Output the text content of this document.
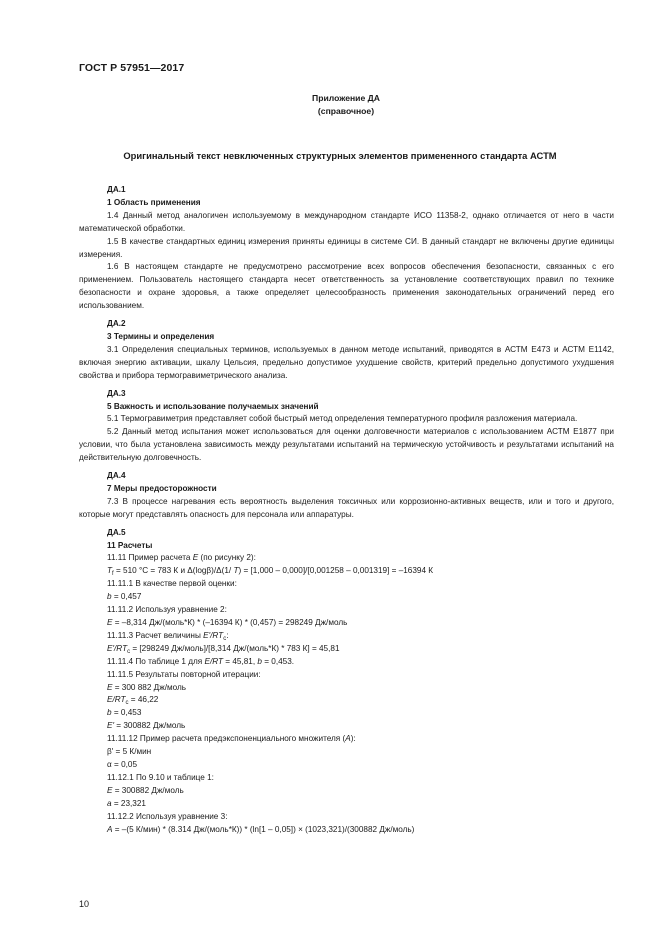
ГОСТ Р 57951—2017
Приложение ДА
(справочное)
Оригинальный текст невключенных структурных элементов примененного стандарта АСТМ

ДА.1

1 Область применения

1.4 Данный метод аналогичен используемому в международном стандарте ИСО 11358-2, однако отличается от него в части математической обработки.

1.5 В качестве стандартных единиц измерения приняты единицы в системе СИ. В данный стандарт не включены другие единицы измерения.

1.6 В настоящем стандарте не предусмотрено рассмотрение всех вопросов обеспечения безопасности, связанных с его применением. Пользователь настоящего стандарта несет ответственность за установление соответствующих правил по технике безопасности и охране здоровья, а также определяет целесообразность применения законодательных ограничений перед его использованием.

ДА.2

3 Термины и определения

3.1 Определения специальных терминов, используемых в данном методе испытаний, приводятся в АСТМ Е473 и АСТМ Е1142, включая энергию активации, шкалу Цельсия, предельно допустимое ухудшение свойств, критерий предельно допустимого ухудшения свойства и прибора термогравиметрического анализа.

ДА.3

5 Важность и использование получаемых значений

5.1 Термогравиметрия представляет собой быстрый метод определения температурного профиля разложения материала.

5.2 Данный метод испытания может использоваться для оценки долговечности материалов с использованием АСТМ Е1877 при условии, что была установлена зависимость между результатами испытаний на термическую устойчивость и результатами испытаний на действительную долговечность.

ДА.4

7 Меры предосторожности

7.3 В процессе нагревания есть вероятность выделения токсичных или коррозионно-активных веществ, или и того и другого, которые могут представлять опасность для персонала или аппаратуры.

ДА.5

11 Расчеты

11.11 Пример расчета E (по рисунку 2):

$T_f = 510$ °С = 783 К и Δ(logβ)/Δ(1/ T) = [1,000 – 0,000]/[0,001258 – 0,001319] = –16394 К

11.11.1 В качестве первой оценки:

b = 0,457

11.11.2 Используя уравнение 2:

E = –8,314 Дж/(моль*К) * (–16394 К) * (0,457) = 298249 Дж/моль

11.11.3 Расчет величины $E'/RT_c$:

$E'/RT_c = [298249$ Дж/моль]/[8,314 Дж/(моль*К) * 783 К] = 45,81

11.11.4 По таблице 1 для E/RT = 45,81, b = 0,453.

11.11.5 Результаты повторной итерации:

E = 300 882 Дж/моль

$E/RT_c = 46,22$

b = 0,453

E' = 300882 Дж/моль

11.11.12 Пример расчета предэкспоненциального множителя (A):

β' = 5 К/мин

α = 0,05

11.12.1 По 9.10 и таблице 1:

E = 300882 Дж/моль

a = 23,321

11.12.2 Используя уравнение 3:

A = –(5 К/мин) * (8.314 Дж/(моль*К)) * (ln[1 – 0,05]) × (1023,321)/(300882 Дж/моль)

10
